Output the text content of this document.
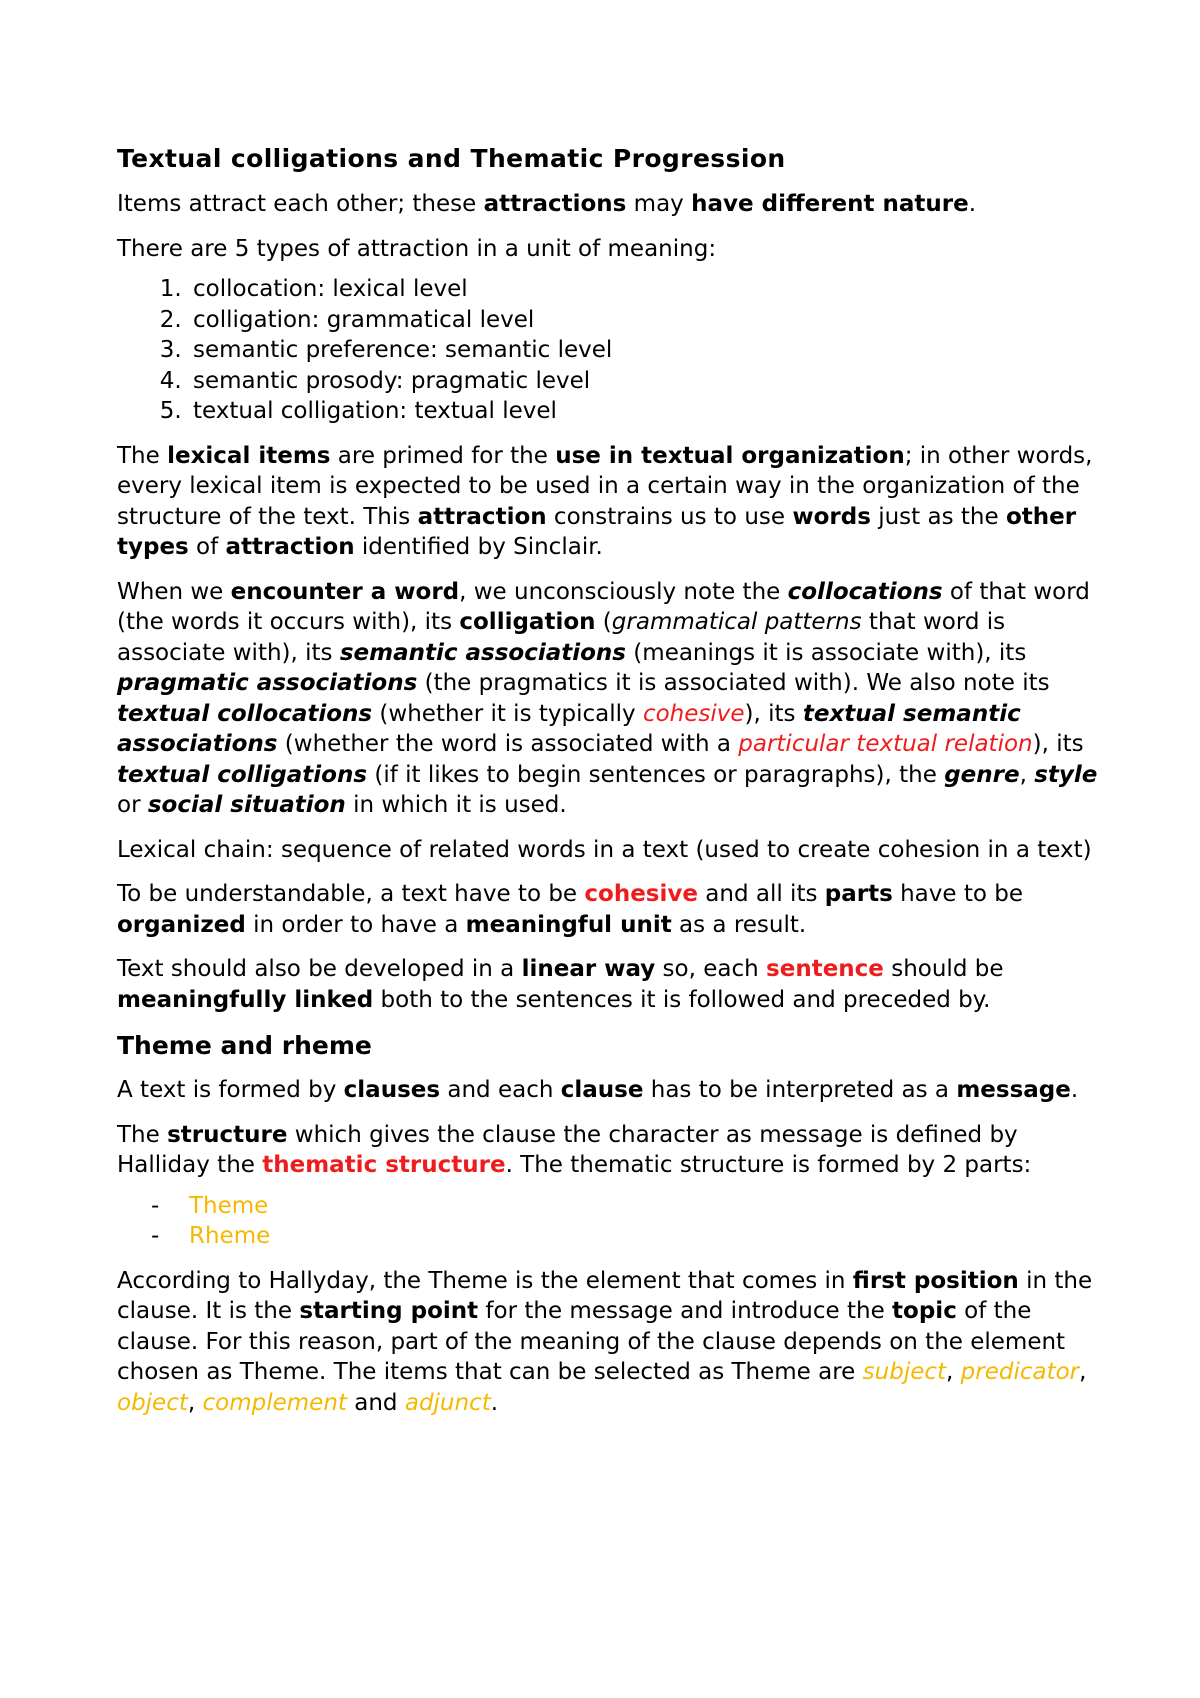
Textual colligations and Thematic Progression

Items attract each other; these attractions may have different nature.

There are 5 types of attraction in a unit of meaning:

1. collocation: lexical level
2. colligation: grammatical level
3. semantic preference: semantic level
4. semantic prosody: pragmatic level
5. textual colligation: textual level

The lexical items are primed for the use in textual organization; in other words, every lexical item is expected to be used in a certain way in the organization of the structure of the text. This attraction constrains us to use words just as the other types of attraction identified by Sinclair.

When we encounter a word, we unconsciously note the collocations of that word (the words it occurs with), its colligation (grammatical patterns that word is associate with), its semantic associations (meanings it is associate with), its pragmatic associations (the pragmatics it is associated with). We also note its textual collocations (whether it is typically cohesive), its textual semantic associations (whether the word is associated with a particular textual relation), its textual colligations (if it likes to begin sentences or paragraphs), the genre, style or social situation in which it is used.

Lexical chain: sequence of related words in a text (used to create cohesion in a text)

To be understandable, a text have to be cohesive and all its parts have to be organized in order to have a meaningful unit as a result.

Text should also be developed in a linear way so, each sentence should be meaningfully linked both to the sentences it is followed and preceded by.

Theme and rheme

A text is formed by clauses and each clause has to be interpreted as a message.

The structure which gives the clause the character as message is defined by Halliday the thematic structure. The thematic structure is formed by 2 parts:

- Theme
- Rheme

According to Hallyday, the Theme is the element that comes in first position in the clause. It is the starting point for the message and introduce the topic of the clause. For this reason, part of the meaning of the clause depends on the element chosen as Theme. The items that can be selected as Theme are subject, predicator, object, complement and adjunct.
